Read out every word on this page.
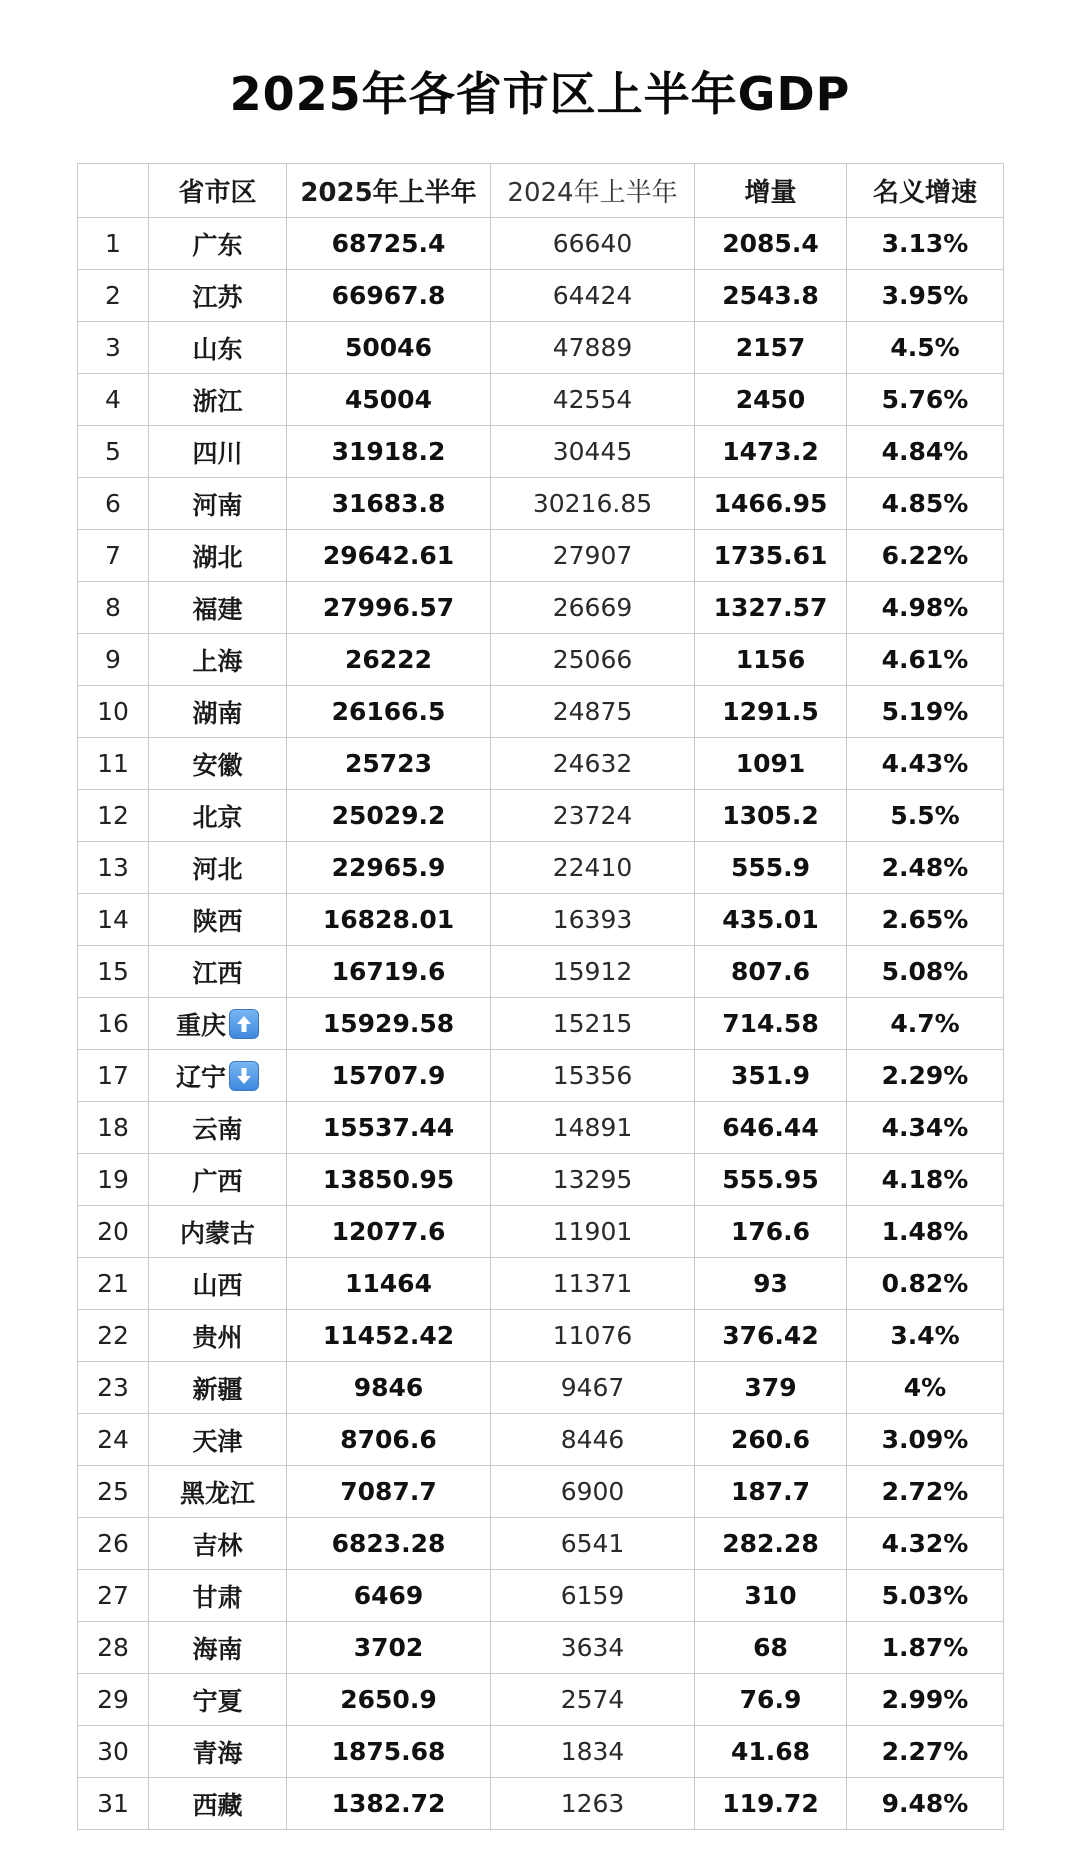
2025年各省市区上半年GDP
	省市区	2025年上半年	2024年上半年	增量	名义增速
1	广东	68725.4	66640	2085.4	3.13%
2	江苏	66967.8	64424	2543.8	3.95%
3	山东	50046	47889	2157	4.5%
4	浙江	45004	42554	2450	5.76%
5	四川	31918.2	30445	1473.2	4.84%
6	河南	31683.8	30216.85	1466.95	4.85%
7	湖北	29642.61	27907	1735.61	6.22%
8	福建	27996.57	26669	1327.57	4.98%
9	上海	26222	25066	1156	4.61%
10	湖南	26166.5	24875	1291.5	5.19%
11	安徽	25723	24632	1091	4.43%
12	北京	25029.2	23724	1305.2	5.5%
13	河北	22965.9	22410	555.9	2.48%
14	陕西	16828.01	16393	435.01	2.65%
15	江西	16719.6	15912	807.6	5.08%
16	重庆	15929.58	15215	714.58	4.7%
17	辽宁	15707.9	15356	351.9	2.29%
18	云南	15537.44	14891	646.44	4.34%
19	广西	13850.95	13295	555.95	4.18%
20	内蒙古	12077.6	11901	176.6	1.48%
21	山西	11464	11371	93	0.82%
22	贵州	11452.42	11076	376.42	3.4%
23	新疆	9846	9467	379	4%
24	天津	8706.6	8446	260.6	3.09%
25	黑龙江	7087.7	6900	187.7	2.72%
26	吉林	6823.28	6541	282.28	4.32%
27	甘肃	6469	6159	310	5.03%
28	海南	3702	3634	68	1.87%
29	宁夏	2650.9	2574	76.9	2.99%
30	青海	1875.68	1834	41.68	2.27%
31	西藏	1382.72	1263	119.72	9.48%
